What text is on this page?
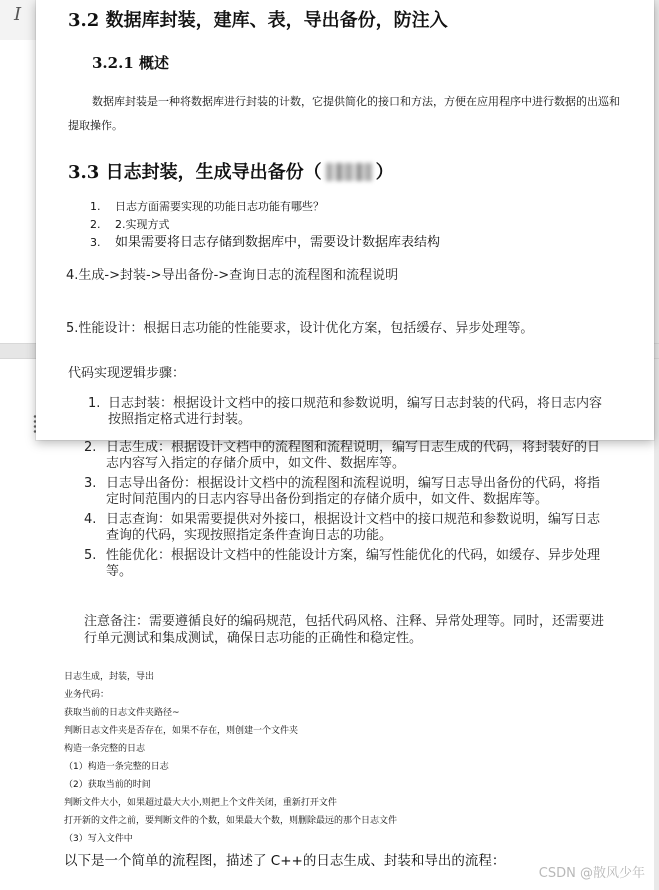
I
2. 日志生成：根据设计文档中的流程图和流程说明，编写日志生成的代码，将封装好的日志内容写入指定的存储介质中，如文件、数据库等。
3. 日志导出备份：根据设计文档中的流程图和流程说明，编写日志导出备份的代码，将指定时间范围内的日志内容导出备份到指定的存储介质中，如文件、数据库等。
4. 日志查询：如果需要提供对外接口，根据设计文档中的接口规范和参数说明，编写日志查询的代码，实现按照指定条件查询日志的功能。
5. 性能优化：根据设计文档中的性能设计方案，编写性能优化的代码，如缓存、异步处理等。

注意备注：需要遵循良好的编码规范，包括代码风格、注释、异常处理等。同时，还需要进行单元测试和集成测试，确保日志功能的正确性和稳定性。

日志生成，封装，导出
业务代码：
获取当前的日志文件夹路径~
判断日志文件夹是否存在，如果不存在，则创建一个文件夹
构造一条完整的日志
（1）构造一条完整的日志
（2）获取当前的时间
判断文件大小，如果超过最大大小,则把上个文件关闭，重新打开文件
打开新的文件之前，要判断文件的个数，如果最大个数，则删除最远的那个日志文件
（3）写入文件中
以下是一个简单的流程图，描述了 C++的日志生成、封装和导出的流程：
CSDN @散风少年
3.2 数据库封装，建库、表，导出备份，防注入
3.2.1 概述
数据库封装是一种将数据库进行封装的计数，它提供简化的接口和方法，方便在应用程序中进行数据的出巡和提取操作。
3.3 日志封装，生成导出备份（	）
1. 日志方面需要实现的功能日志功能有哪些？
2. 2.实现方式
3. 如果需要将日志存储到数据库中，需要设计数据库表结构
4.生成->封装->导出备份->查询日志的流程图和流程说明
5.性能设计：根据日志功能的性能要求，设计优化方案，包括缓存、异步处理等。
代码实现逻辑步骤：
1. 日志封装：根据设计文档中的接口规范和参数说明，编写日志封装的代码，将日志内容按照指定格式进行封装。
